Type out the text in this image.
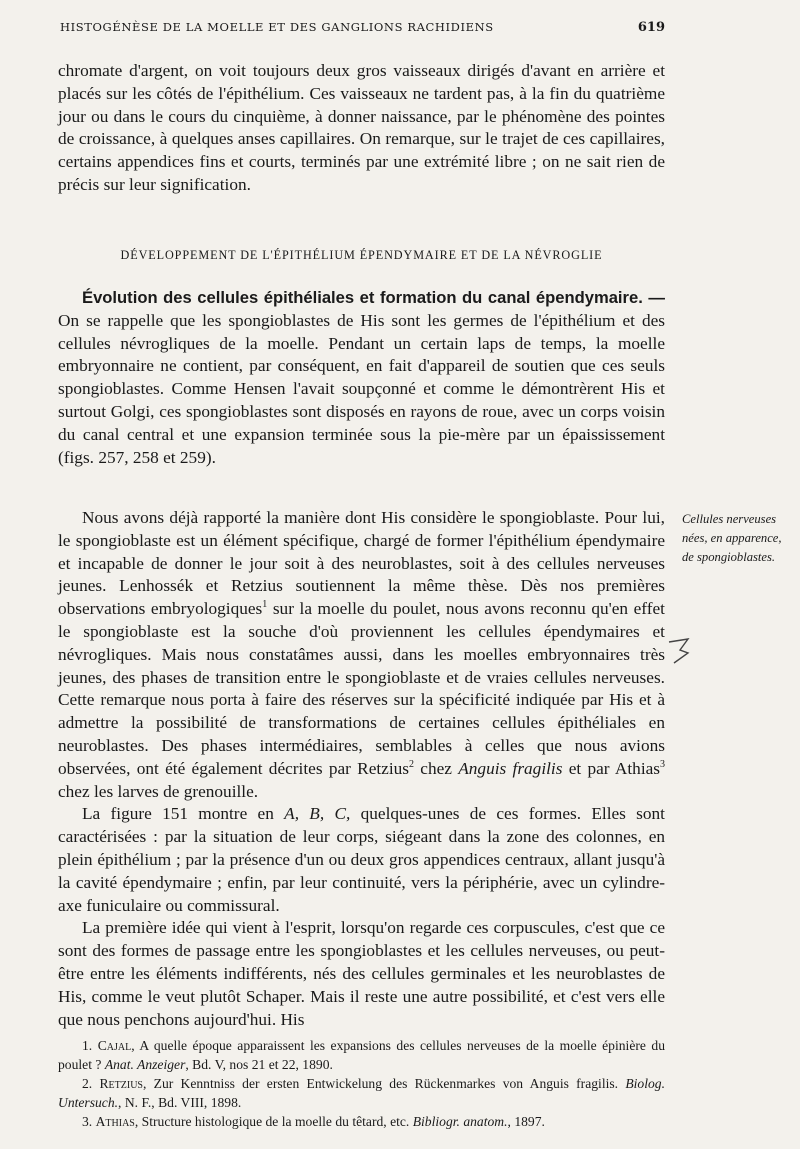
HISTOGÉNÈSE DE LA MOELLE ET DES GANGLIONS RACHIDIENS	619

chromate d'argent, on voit toujours deux gros vaisseaux dirigés d'avant en arrière et placés sur les côtés de l'épithélium. Ces vaisseaux ne tardent pas, à la fin du quatrième jour ou dans le cours du cinquième, à donner naissance, par le phénomène des pointes de croissance, à quelques anses capillaires. On remarque, sur le trajet de ces capillaires, certains appendices fins et courts, terminés par une extrémité libre ; on ne sait rien de précis sur leur signification.

DÉVELOPPEMENT DE L'ÉPITHÉLIUM ÉPENDYMAIRE ET DE LA NÉVROGLIE

Évolution des cellules épithéliales et formation du canal épendymaire. — On se rappelle que les spongioblastes de His sont les germes de l'épithélium et des cellules névrogliques de la moelle. Pendant un certain laps de temps, la moelle embryonnaire ne contient, par conséquent, en fait d'appareil de soutien que ces seuls spongioblastes. Comme Hensen l'avait soupçonné et comme le démontrèrent His et surtout Golgi, ces spongioblastes sont disposés en rayons de roue, avec un corps voisin du canal central et une expansion terminée sous la pie-mère par un épaississement (figs. 257, 258 et 259).

Nous avons déjà rapporté la manière dont His considère le spongioblaste. Pour lui, le spongioblaste est un élément spécifique, chargé de former l'épithélium épendymaire et incapable de donner le jour soit à des neuroblastes, soit à des cellules nerveuses jeunes. Lenhossék et Retzius soutiennent la même thèse. Dès nos premières observations embryologiques$^1$ sur la moelle du poulet, nous avons reconnu qu'en effet le spongioblaste est la souche d'où proviennent les cellules épendymaires et névrogliques. Mais nous constatâmes aussi, dans les moelles embryonnaires très jeunes, des phases de transition entre le spongioblaste et de vraies cellules nerveuses. Cette remarque nous porta à faire des réserves sur la spécificité indiquée par His et à admettre la possibilité de transformations de certaines cellules épithéliales en neuroblastes. Des phases intermédiaires, semblables à celles que nous avions observées, ont été également décrites par Retzius$^2$ chez Anguis fragilis et par Athias$^3$ chez les larves de grenouille.

La figure 151 montre en A, B, C, quelques-unes de ces formes. Elles sont caractérisées : par la situation de leur corps, siégeant dans la zone des colonnes, en plein épithélium ; par la présence d'un ou deux gros appendices centraux, allant jusqu'à la cavité épendymaire ; enfin, par leur continuité, vers la périphérie, avec un cylindre-axe funiculaire ou commissural.

La première idée qui vient à l'esprit, lorsqu'on regarde ces corpuscules, c'est que ce sont des formes de passage entre les spongioblastes et les cellules nerveuses, ou peut-être entre les éléments indifférents, nés des cellules germinales et les neuroblastes de His, comme le veut plutôt Schaper. Mais il reste une autre possibilité, et c'est vers elle que nous penchons aujourd'hui. His

Cellules nerveuses nées, en apparence, de spongioblastes.

1. Cajal, A quelle époque apparaissent les expansions des cellules nerveuses de la moelle épinière du poulet ? Anat. Anzeiger, Bd. V, nos 21 et 22, 1890.

2. Retzius, Zur Kenntniss der ersten Entwickelung des Rückenmarkes von Anguis fragilis. Biolog. Untersuch., N. F., Bd. VIII, 1898.

3. Athias, Structure histologique de la moelle du têtard, etc. Bibliogr. anatom., 1897.
